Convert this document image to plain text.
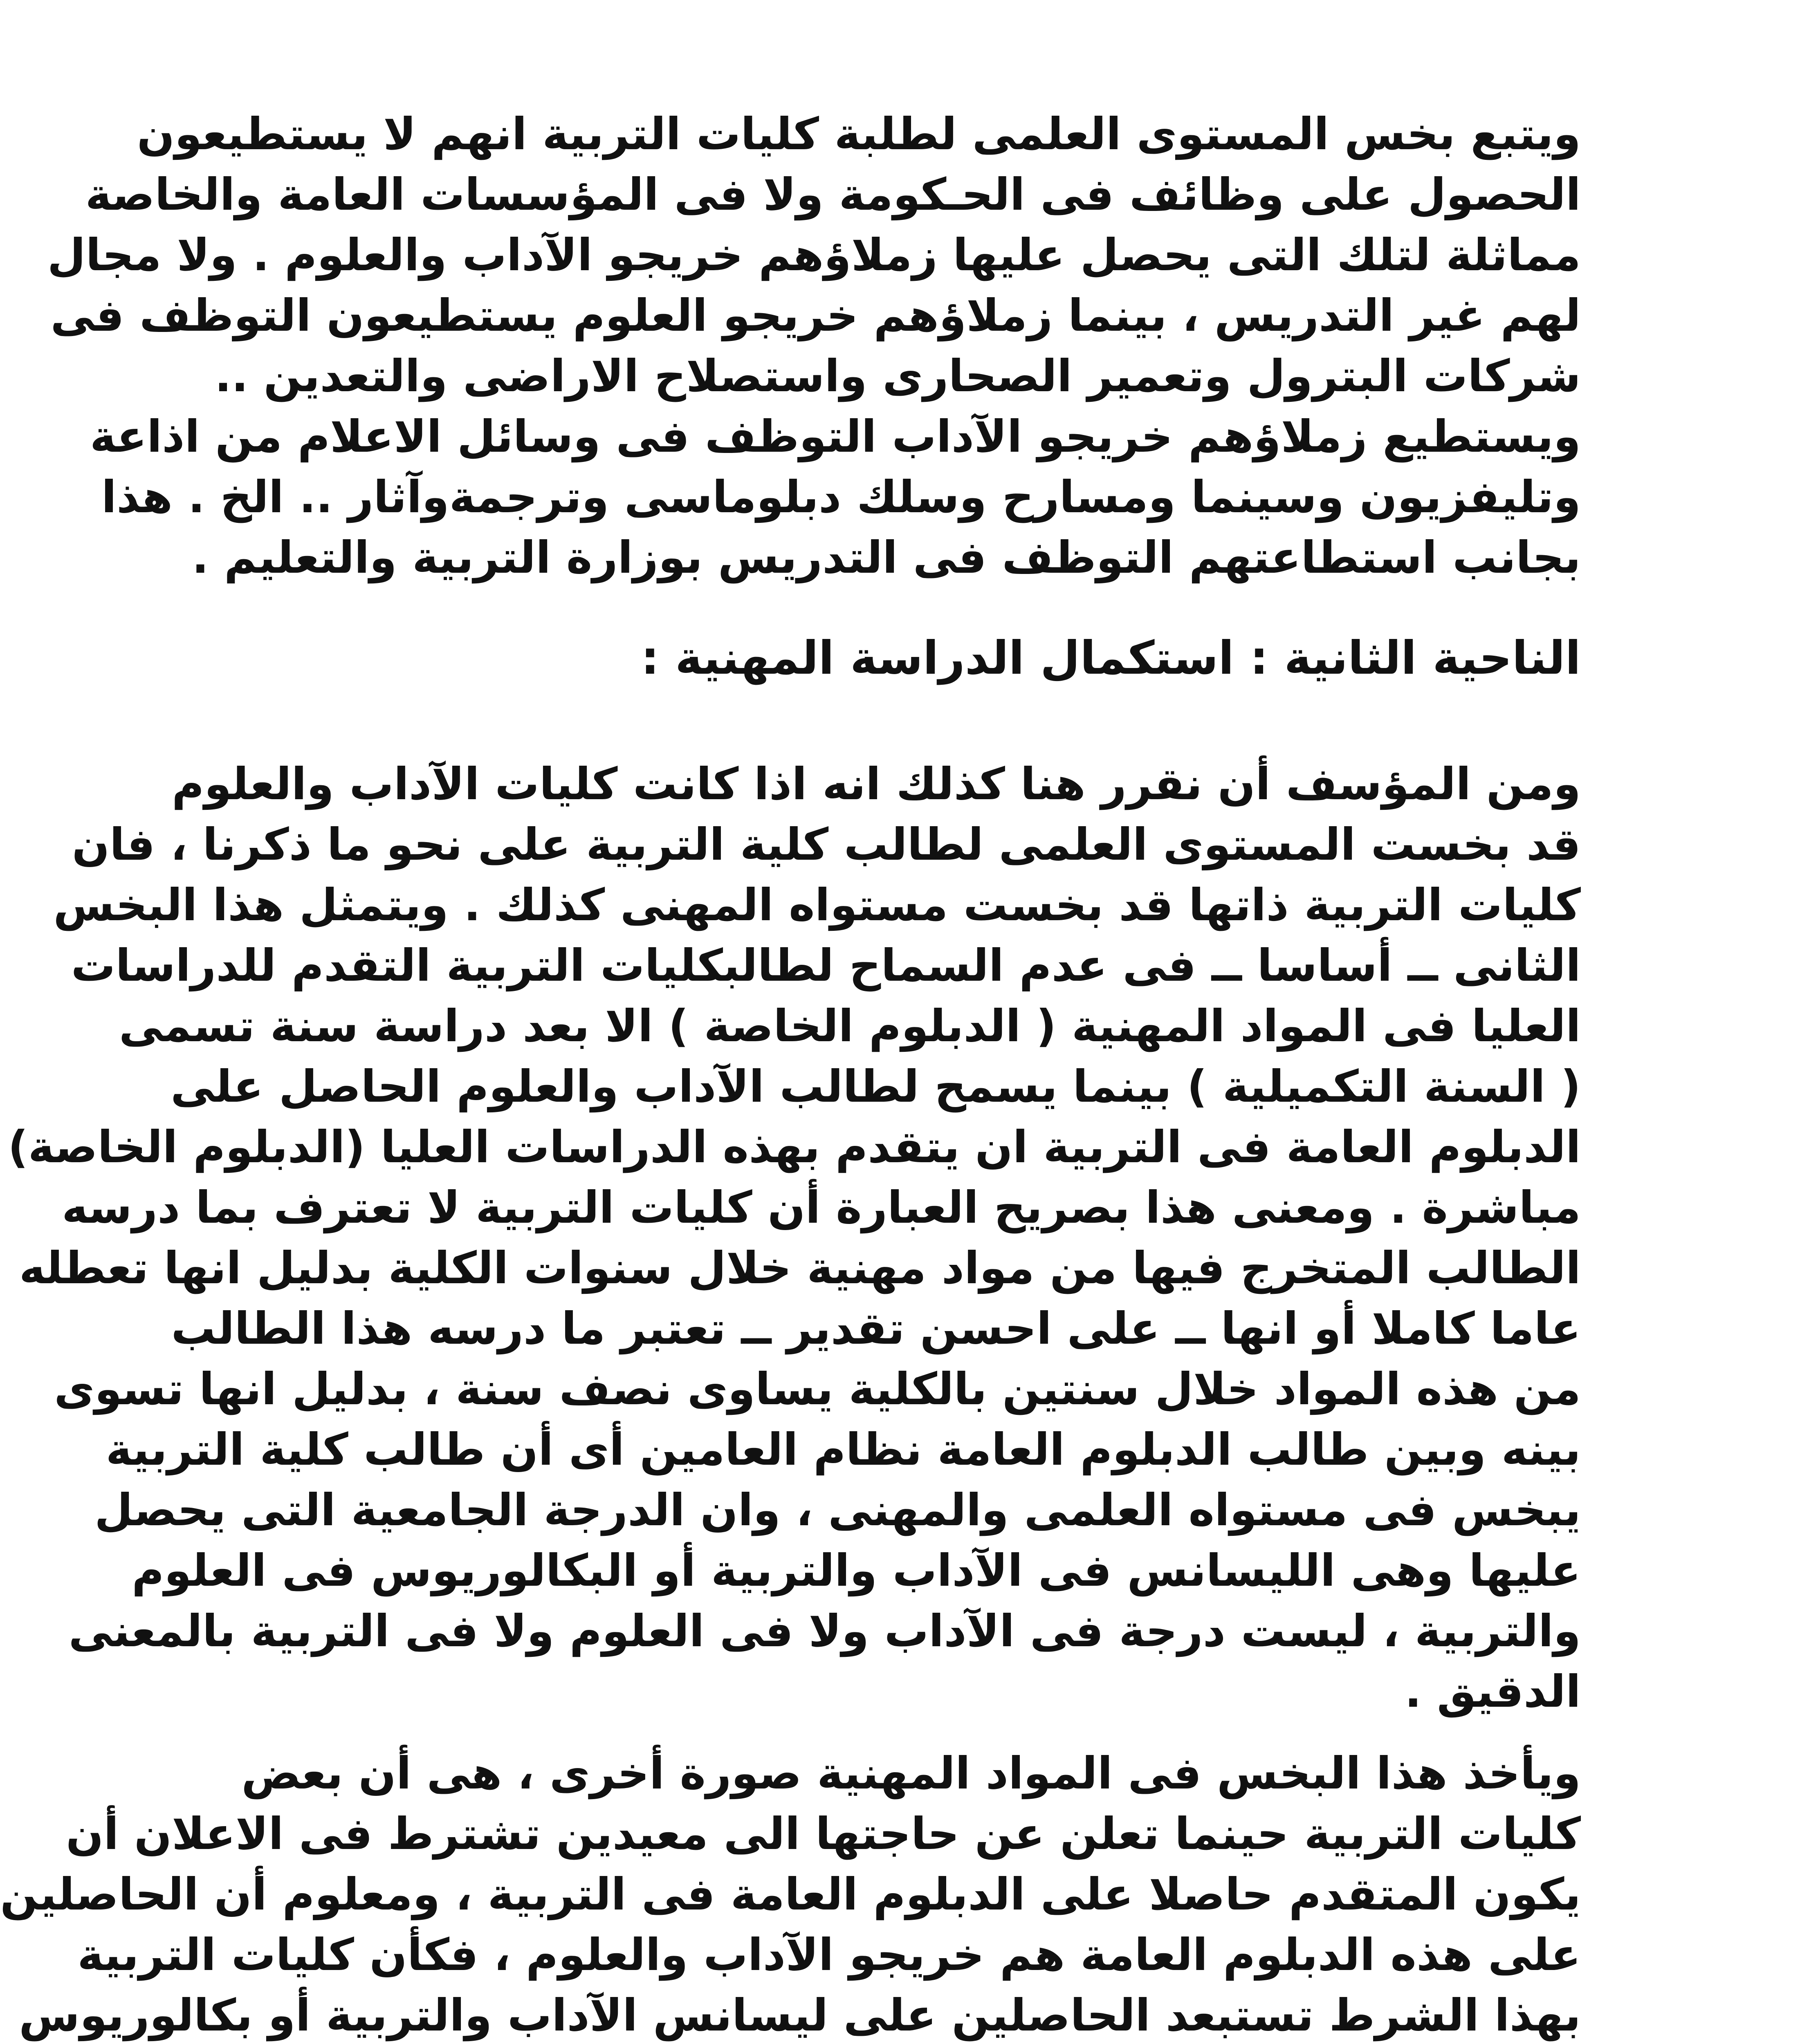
ويتبع بخس المستوى العلمى لطلبة كليات التربية انهم لا يستطيعون
الحصول على وظائف فى الحـكومة ولا فى المؤسسات العامة والخاصة
مماثلة لتلك التى يحصل عليها زملاؤهم خريجو الآداب والعلوم . ولا مجال
لهم غير التدريس ، بينما زملاؤهم خريجو العلوم يستطيعون التوظف فى
شركات البترول وتعمير الصحارى واستصلاح الاراضى والتعدين ..
ويستطيع زملاؤهم خريجو الآداب التوظف فى وسائل الاعلام من اذاعة
وتليفزيون وسينما ومسارح وسلك دبلوماسى وترجمةوآثار .. الخ . هذا
بجانب استطاعتهم التوظف فى التدريس بوزارة التربية والتعليم .
الناحية الثانية : استكمال الدراسة المهنية :
ومن المؤسف أن نقرر هنا كذلك انه اذا كانت كليات الآداب والعلوم
قد بخست المستوى العلمى لطالب كلية التربية على نحو ما ذكرنا ، فان
كليات التربية ذاتها قد بخست مستواه المهنى كذلك . ويتمثل هذا البخس
الثانى ــ أساسا ــ فى عدم السماح لطالبكليات التربية التقدم للدراسات
العليا فى المواد المهنية ( الدبلوم الخاصة ) الا بعد دراسة سنة تسمى
( السنة التكميلية ) بينما يسمح لطالب الآداب والعلوم الحاصل على
الدبلوم العامة فى التربية ان يتقدم بهذه الدراسات العليا (الدبلوم الخاصة)
مباشرة . ومعنى هذا بصريح العبارة أن كليات التربية لا تعترف بما درسه
الطالب المتخرج فيها من مواد مهنية خلال سنوات الكلية بدليل انها تعطله
عاما كاملا أو انها ــ على احسن تقدير ــ تعتبر ما درسه هذا الطالب
من هذه المواد خلال سنتين بالكلية يساوى نصف سنة ، بدليل انها تسوى
بينه وبين طالب الدبلوم العامة نظام العامين أى أن طالب كلية التربية
يبخس فى مستواه العلمى والمهنى ، وان الدرجة الجامعية التى يحصل
عليها وهى الليسانس فى الآداب والتربية أو البكالوريوس فى العلوم
والتربية ، ليست درجة فى الآداب ولا فى العلوم ولا فى التربية بالمعنى
الدقيق .
ويأخذ هذا البخس فى المواد المهنية صورة أخرى ، هى أن بعض
كليات التربية حينما تعلن عن حاجتها الى معيدين تشترط فى الاعلان أن
يكون المتقدم حاصلا على الدبلوم العامة فى التربية ، ومعلوم أن الحاصلين
على هذه الدبلوم العامة هم خريجو الآداب والعلوم ، فكأن كليات التربية
بهذا الشرط تستبعد الحاصلين على ليسانس الآداب والتربية أو بكالوريوس
